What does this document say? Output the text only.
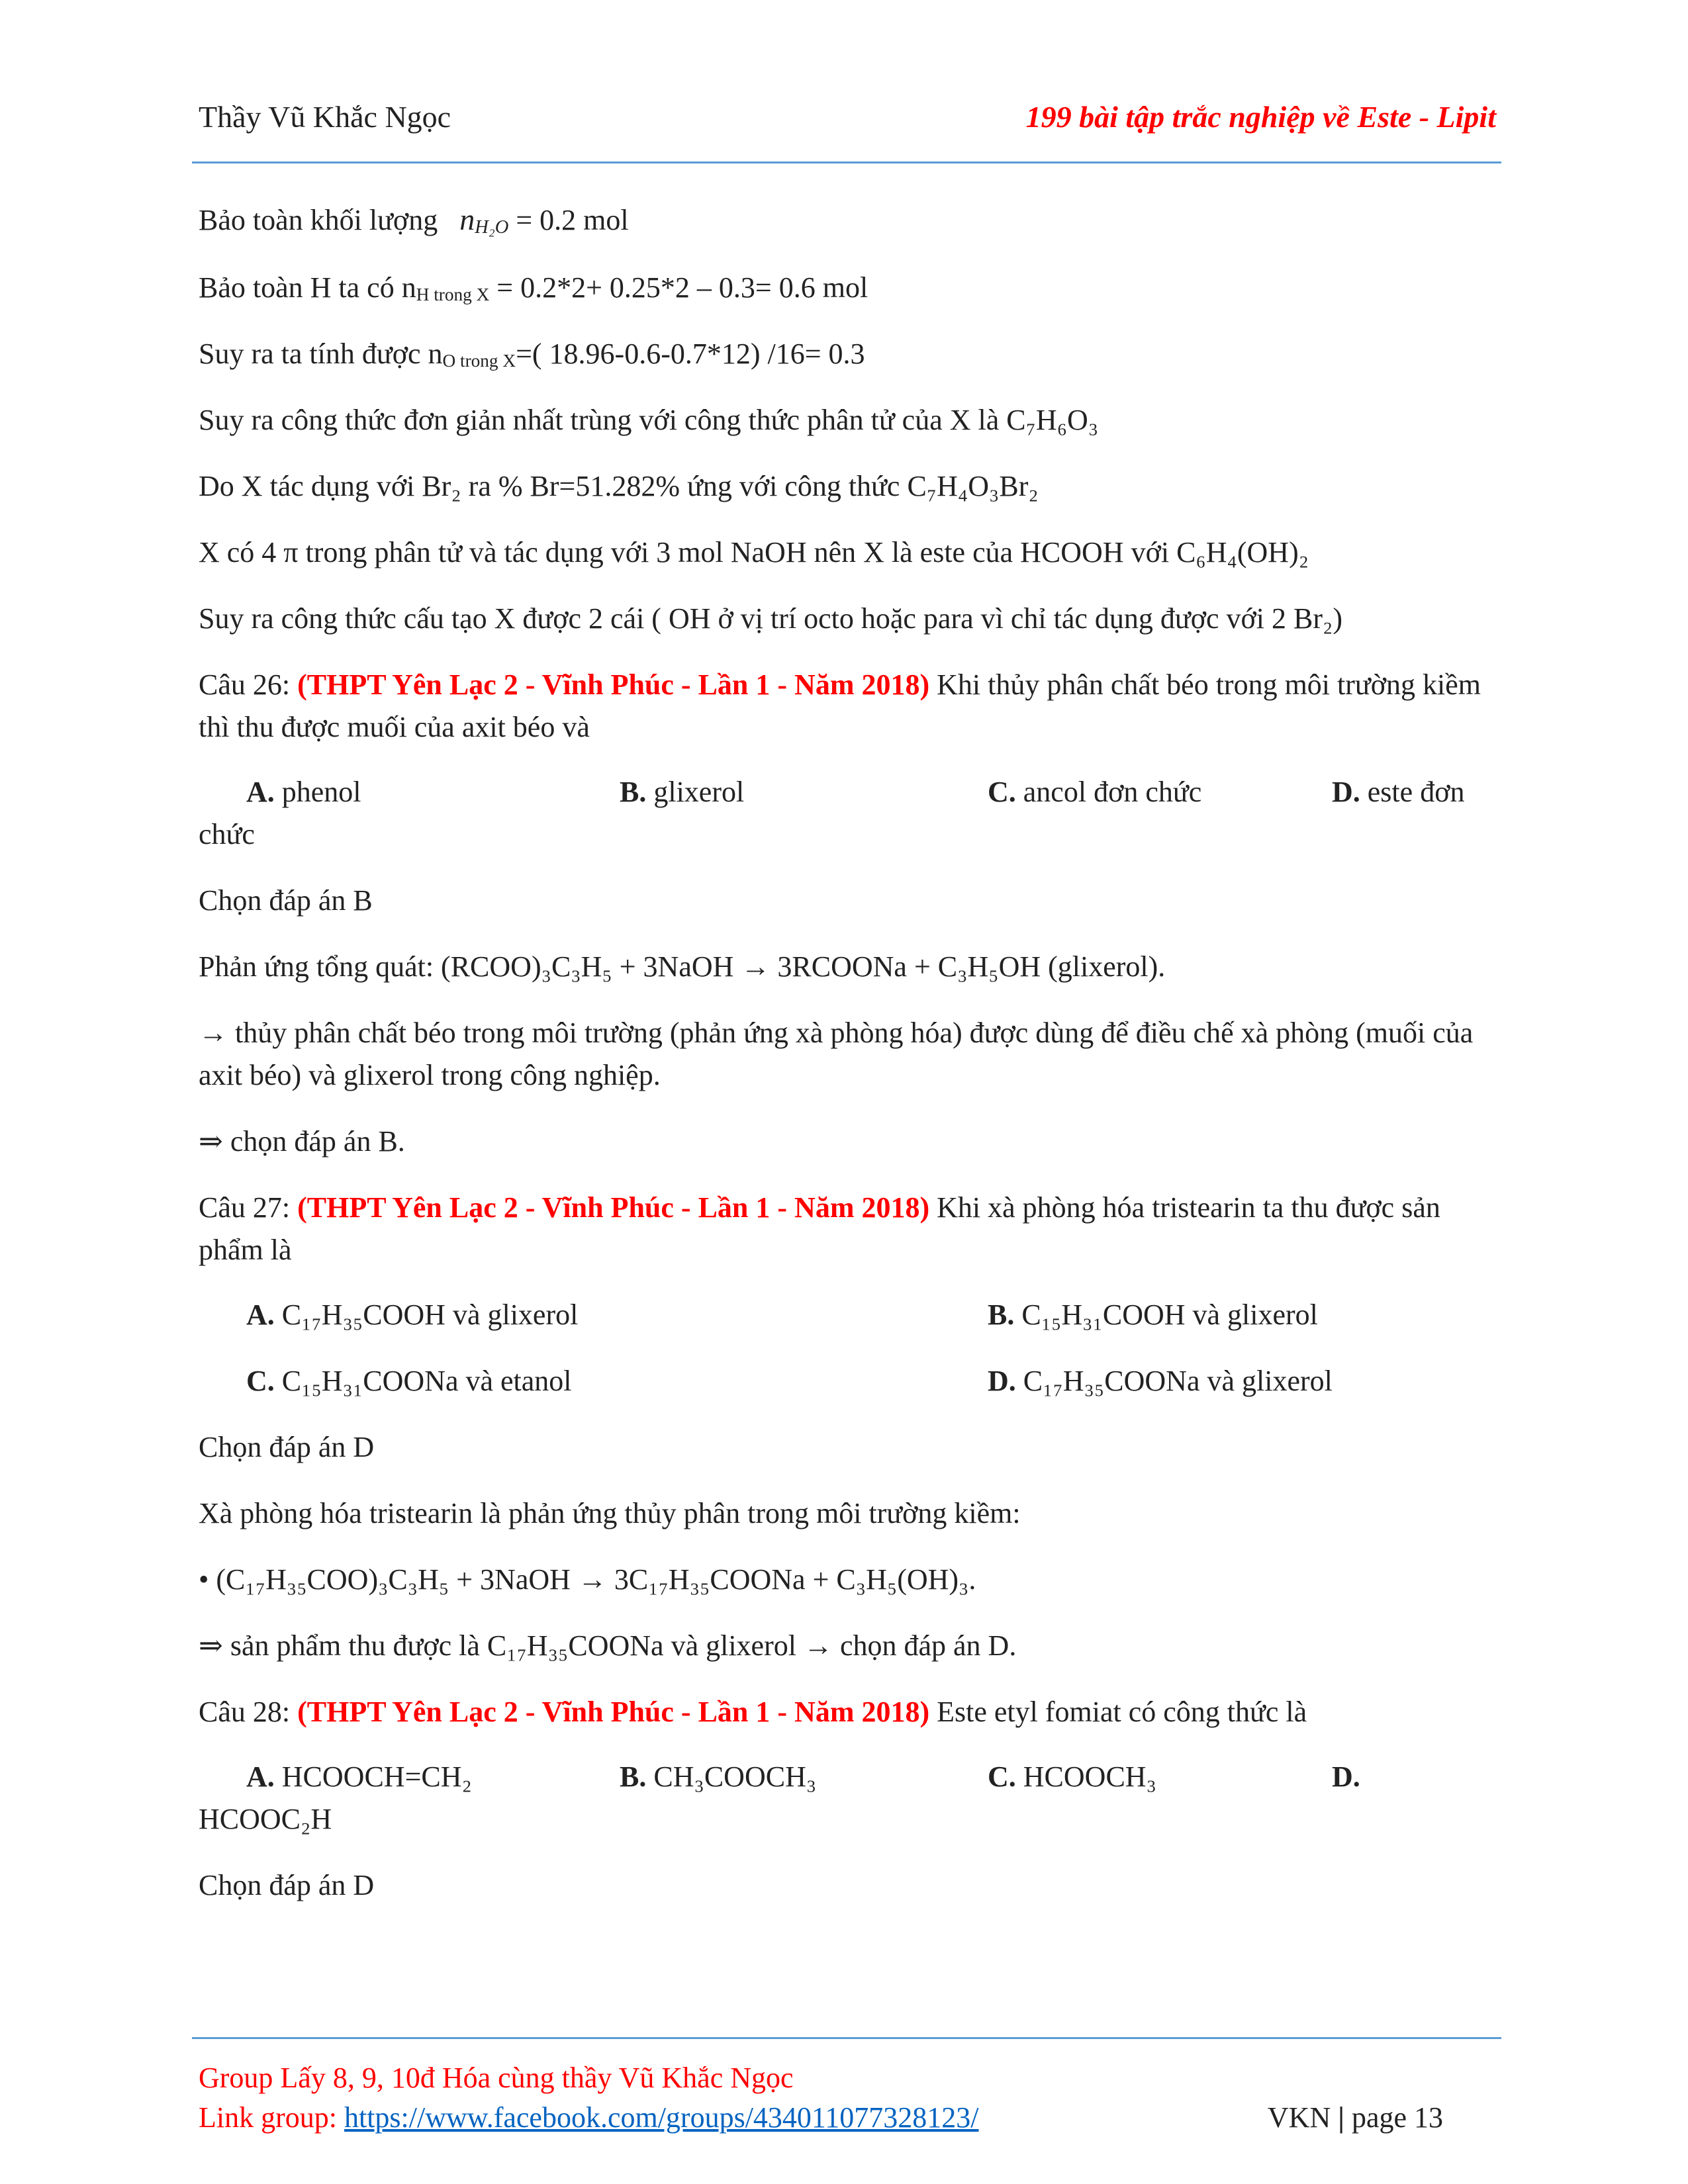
Thầy Vũ Khắc Ngọc	199 bài tập trắc nghiệp về Este - Lipit

Bảo toàn khối lượng $n_{H_2O} = 0.2$ mol

Bảo toàn H ta có $n_{H trong X} = 0.2*2+ 0.25*2 - 0.3= 0.6$ mol

Suy ra ta tính được $n_{O trong X}=$( 18.96-0.6-0.7*12) /16= 0.3

Suy ra công thức đơn giản nhất trùng với công thức phân tử của X là C₇H₆O₃

Do X tác dụng với Br₂ ra % Br=51.282% ứng với công thức C₇H₄O₃Br₂

X có 4 π trong phân tử và tác dụng với 3 mol NaOH nên X là este của HCOOH với C₆H₄(OH)₂

Suy ra công thức cấu tạo X được 2 cái ( OH ở vị trí octo hoặc para vì chỉ tác dụng được với 2 Br₂)

Câu 26: (THPT Yên Lạc 2 - Vĩnh Phúc - Lần 1 - Năm 2018) Khi thủy phân chất béo trong môi trường kiềm thì thu được muối của axit béo và

A. phenol	B. glixerol	C. ancol đơn chức	D. este đơn

chức

Chọn đáp án B

Phản ứng tổng quát: (RCOO)₃C₃H₅ + 3NaOH → 3RCOONa + C₃H₅OH (glixerol).

→ thủy phân chất béo trong môi trường (phản ứng xà phòng hóa) được dùng để điều chế xà phòng (muối của axit béo) và glixerol trong công nghiệp.

⇒ chọn đáp án B.

Câu 27: (THPT Yên Lạc 2 - Vĩnh Phúc - Lần 1 - Năm 2018) Khi xà phòng hóa tristearin ta thu được sản phẩm là

A. C₁₇H₃₅COOH và glixerol	B. C₁₅H₃₁COOH và glixerol
C. C₁₅H₃₁COONa và etanol	D. C₁₇H₃₅COONa và glixerol

Chọn đáp án D

Xà phòng hóa tristearin là phản ứng thủy phân trong môi trường kiềm:

• (C₁₇H₃₅COO)₃C₃H₅ + 3NaOH → 3C₁₇H₃₅COONa + C₃H₅(OH)₃.

⇒ sản phẩm thu được là C₁₇H₃₅COONa và glixerol → chọn đáp án D.

Câu 28: (THPT Yên Lạc 2 - Vĩnh Phúc - Lần 1 - Năm 2018) Este etyl fomiat có công thức là

A. HCOOCH=CH₂	B. CH₃COOCH₃	C. HCOOCH₃	D.

HCOOC₂H

Chọn đáp án D

Group Lấy 8, 9, 10đ Hóa cùng thầy Vũ Khắc Ngọc
Link group: https://www.facebook.com/groups/434011077328123/	VKN | page 13
